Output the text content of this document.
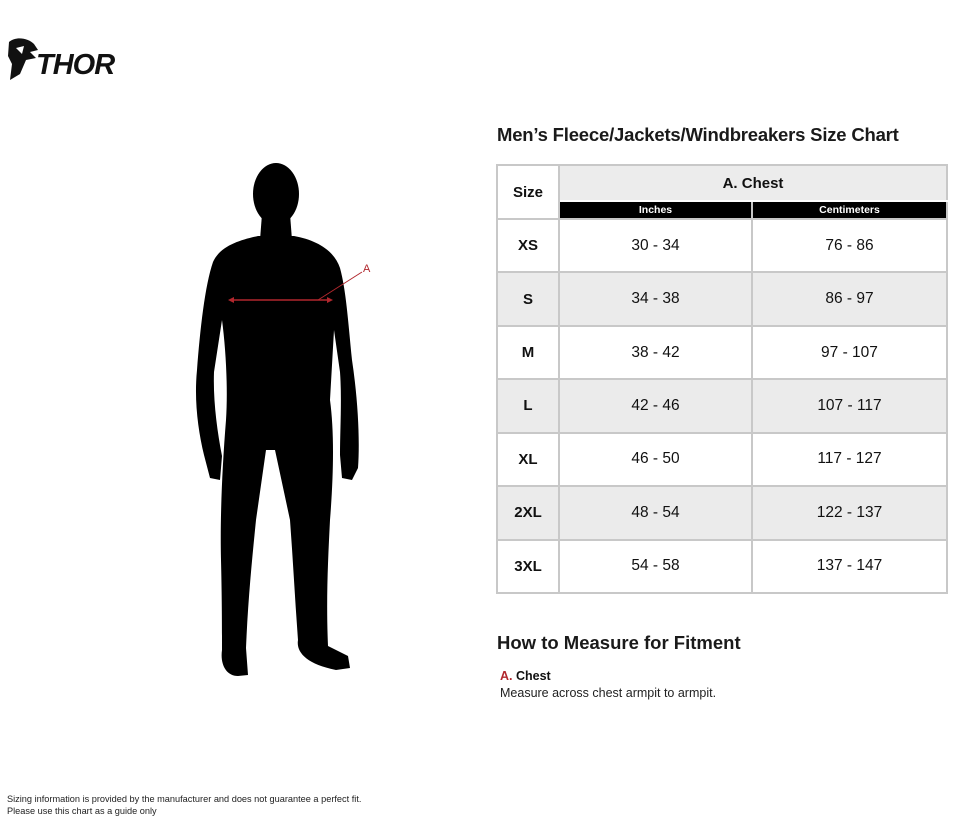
THOR
A
Men’s Fleece/Jackets/Windbreakers Size Chart
Size	A. Chest	
	Inches	Centimeters
XS	30 - 34	76 - 86
S	34 - 38	86 - 97
M	38 - 42	97 - 107
L	42 - 46	107 - 117
XL	46 - 50	117 - 127
2XL	48 - 54	122 - 137
3XL	54 - 58	137 - 147
How to Measure for Fitment
A. Chest
Measure across chest armpit to armpit.
Sizing information is provided by the manufacturer and does not guarantee a perfect fit.
Please use this chart as a guide only
